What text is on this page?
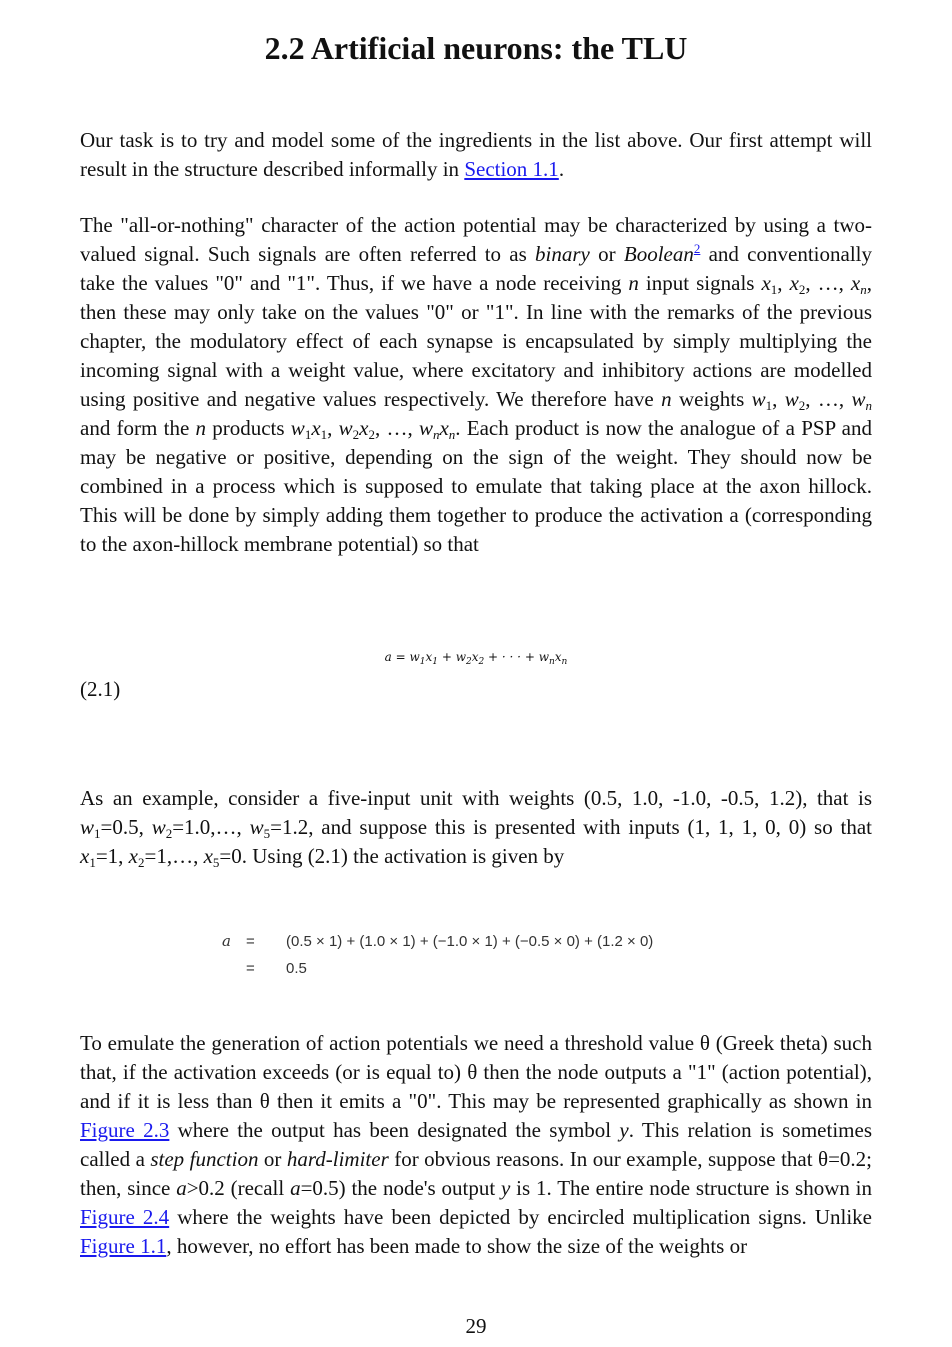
2.2 Artificial neurons: the TLU

Our task is to try and model some of the ingredients in the list above. Our first attempt will result in the structure described informally in Section 1.1.

The "all-or-nothing" character of the action potential may be characterized by using a two-valued signal. Such signals are often referred to as binary or Boolean$^2$ and conventionally take the values "0" and "1". Thus, if we have a node receiving n input signals $x_1$, $x_2$, …, $x_n$, then these may only take on the values "0" or "1". In line with the remarks of the previous chapter, the modulatory effect of each synapse is encapsulated by simply multiplying the incoming signal with a weight value, where excitatory and inhibitory actions are modelled using positive and negative values respectively. We therefore have n weights $w_1$, $w_2$, …, $w_n$ and form the n products $w_1x_1$, $w_2x_2$, …, $w_nx_n$. Each product is now the analogue of a PSP and may be negative or positive, depending on the sign of the weight. They should now be combined in a process which is supposed to emulate that taking place at the axon hillock. This will be done by simply adding them together to produce the activation a (corresponding to the axon-hillock membrane potential) so that

$a = w_1x_1 + w_2x_2$ + · · · + $w_nx_n$
(2.1)

As an example, consider a five-input unit with weights (0.5, 1.0, -1.0, -0.5, 1.2), that is $w_1=0.5$, $w_2=1.0,\dots$, $w_5=1.2$, and suppose this is presented with inputs (1, 1, 1, 0, 0) so that $x_1=1$, $x_2=1,\dots$, $x_5=0$. Using (2.1) the activation is given by

a = (0.5 × 1) + (1.0 × 1) + (−1.0 × 1) + (−0.5 × 0) + (1.2 × 0)
= 0.5

To emulate the generation of action potentials we need a threshold value θ (Greek theta) such that, if the activation exceeds (or is equal to) θ then the node outputs a "1" (action potential), and if it is less than θ then it emits a "0". This may be represented graphically as shown in Figure 2.3 where the output has been designated the symbol y. This relation is sometimes called a step function or hard-limiter for obvious reasons. In our example, suppose that θ=0.2; then, since a>0.2 (recall a=0.5) the node's output y is 1. The entire node structure is shown in Figure 2.4 where the weights have been depicted by encircled multiplication signs. Unlike Figure 1.1, however, no effort has been made to show the size of the weights or

29
